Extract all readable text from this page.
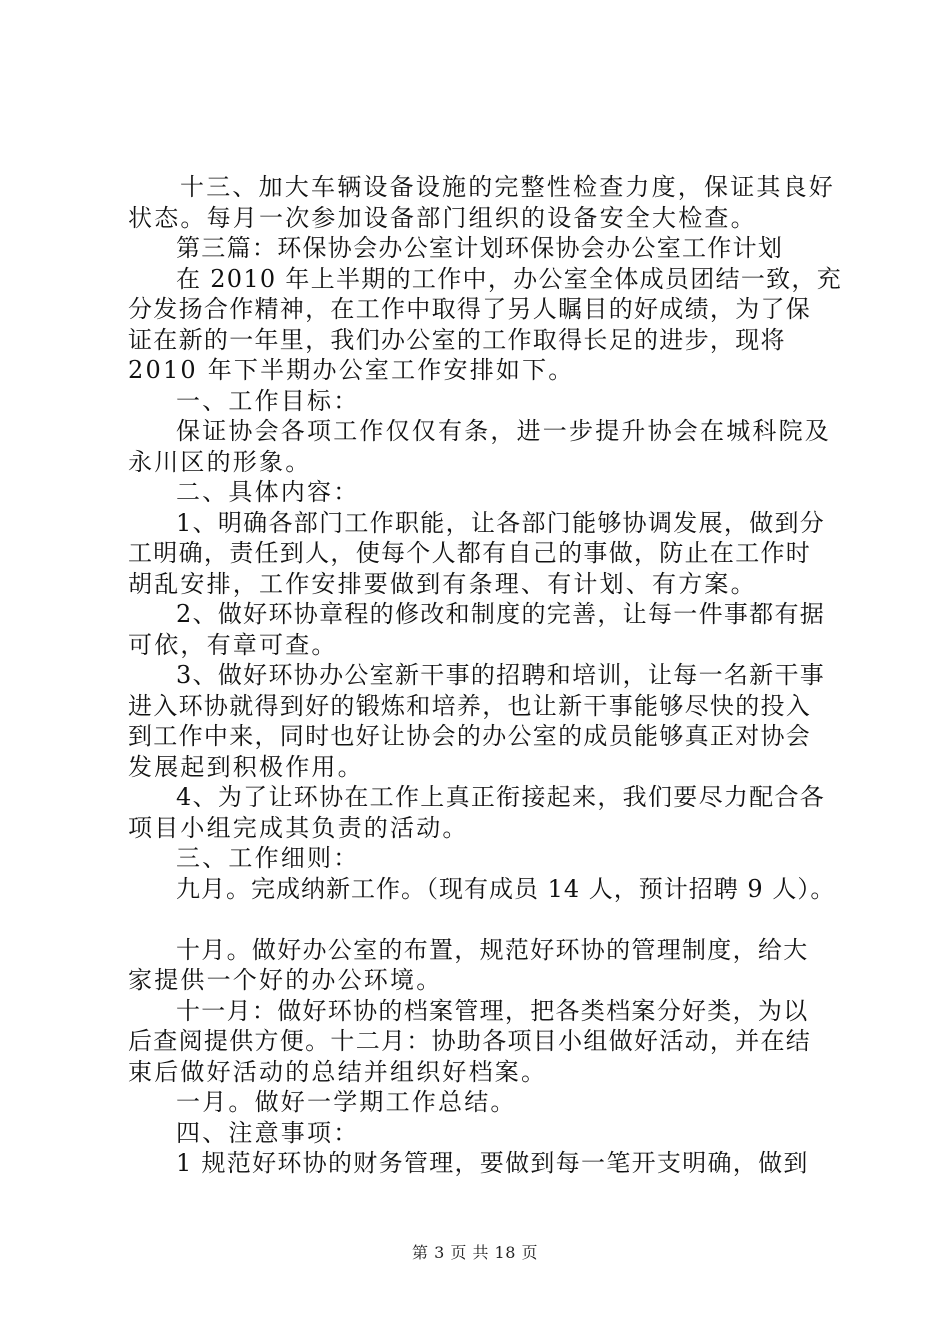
十三、加大车辆设备设施的完整性检查力度，保证其良好
状态。每月一次参加设备部门组织的设备安全大检查。
第三篇：环保协会办公室计划环保协会办公室工作计划
在 2010 年上半期的工作中，办公室全体成员团结一致，充
分发扬合作精神，在工作中取得了另人瞩目的好成绩，为了保
证在新的一年里，我们办公室的工作取得长足的进步，现将
2010 年下半期办公室工作安排如下。
一、工作目标：
保证协会各项工作仅仅有条，进一步提升协会在城科院及
永川区的形象。
二、具体内容：
1、明确各部门工作职能，让各部门能够协调发展，做到分
工明确，责任到人，使每个人都有自己的事做，防止在工作时
胡乱安排，工作安排要做到有条理、有计划、有方案。
2、做好环协章程的修改和制度的完善，让每一件事都有据
可依，有章可查。
3、做好环协办公室新干事的招聘和培训，让每一名新干事
进入环协就得到好的锻炼和培养，也让新干事能够尽快的投入
到工作中来，同时也好让协会的办公室的成员能够真正对协会
发展起到积极作用。
4、为了让环协在工作上真正衔接起来，我们要尽力配合各
项目小组完成其负责的活动。
三、工作细则：
九月。完成纳新工作。（现有成员 14 人，预计招聘 9 人）。
十月。做好办公室的布置，规范好环协的管理制度，给大
家提供一个好的办公环境。
十一月：做好环协的档案管理，把各类档案分好类，为以
后查阅提供方便。十二月：协助各项目小组做好活动，并在结
束后做好活动的总结并组织好档案。
一月。做好一学期工作总结。
四、注意事项：
1 规范好环协的财务管理，要做到每一笔开支明确，做到
第 3 页 共 18 页
